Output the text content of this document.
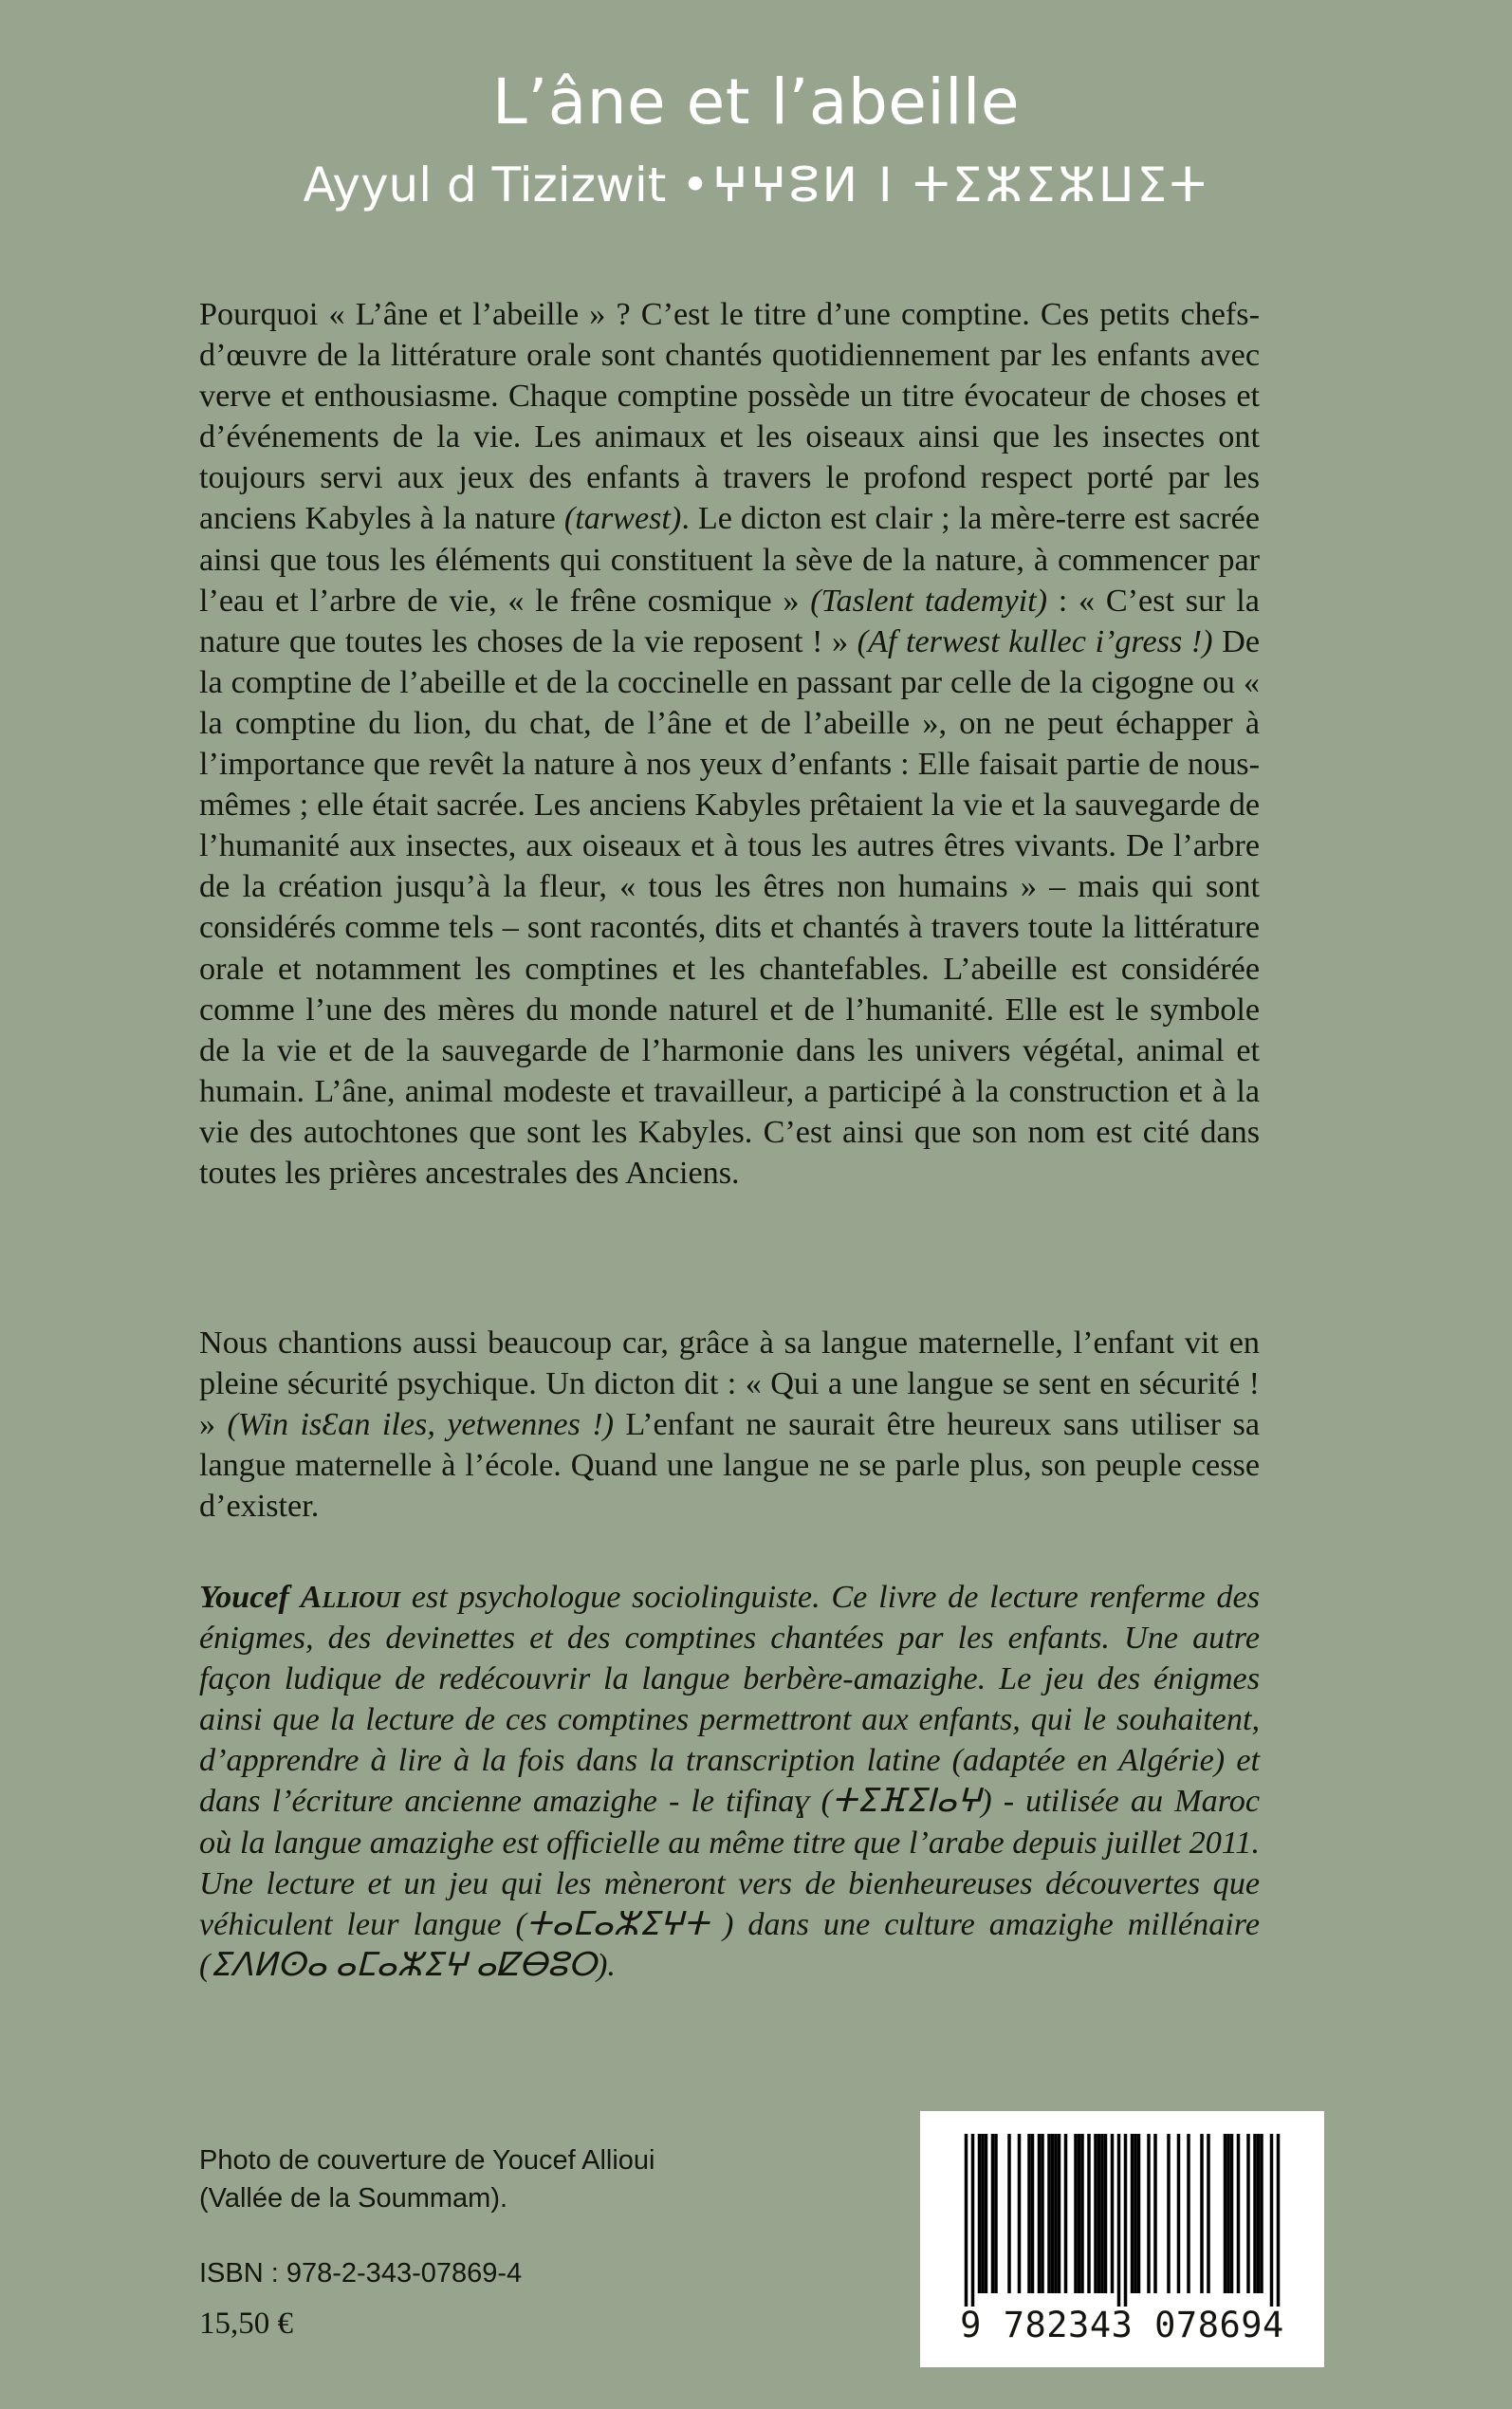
L’âne et l’abeille
Ayyul d Tizizwit •ⵖⵖⵓⵍ ⵏ ⵜⵉⵣⵉⵣⵡⵉⵜ

Pourquoi « L’âne et l’abeille » ? C’est le titre d’une comptine. Ces petits chefs-d’œuvre de la littérature orale sont chantés quotidiennement par les enfants avec verve et enthousiasme. Chaque comptine possède un titre évocateur de choses et d’événements de la vie. Les animaux et les oiseaux ainsi que les insectes ont toujours servi aux jeux des enfants à travers le profond respect porté par les anciens Kabyles à la nature (tarwest). Le dicton est clair ; la mère-terre est sacrée ainsi que tous les éléments qui constituent la sève de la nature, à commencer par l’eau et l’arbre de vie, « le frêne cosmique » (Taslent tademyit) : « C’est sur la nature que toutes les choses de la vie reposent ! » (Af terwest kullec i’gress !) De la comptine de l’abeille et de la coccinelle en passant par celle de la cigogne ou « la comptine du lion, du chat, de l’âne et de l’abeille », on ne peut échapper à l’importance que revêt la nature à nos yeux d’enfants : Elle faisait partie de nous-mêmes ; elle était sacrée. Les anciens Kabyles prêtaient la vie et la sauvegarde de l’humanité aux insectes, aux oiseaux et à tous les autres êtres vivants. De l’arbre de la création jusqu’à la fleur, « tous les êtres non humains » – mais qui sont considérés comme tels – sont racontés, dits et chantés à travers toute la littérature orale et notamment les comptines et les chantefables. L’abeille est considérée comme l’une des mères du monde naturel et de l’humanité. Elle est le symbole de la vie et de la sauvegarde de l’harmonie dans les univers végétal, animal et humain. L’âne, animal modeste et travailleur, a participé à la construction et à la vie des autochtones que sont les Kabyles. C’est ainsi que son nom est cité dans toutes les prières ancestrales des Anciens.

Nous chantions aussi beaucoup car, grâce à sa langue maternelle, l’enfant vit en pleine sécurité psychique. Un dicton dit : « Qui a une langue se sent en sécurité ! » (Win isƐan iles, yetwennes !) L’enfant ne saurait être heureux sans utiliser sa langue maternelle à l’école. Quand une langue ne se parle plus, son peuple cesse d’exister.

Youcef Allioui est psychologue sociolinguiste. Ce livre de lecture renferme des énigmes, des devinettes et des comptines chantées par les enfants. Une autre façon ludique de redécouvrir la langue berbère-amazighe. Le jeu des énigmes ainsi que la lecture de ces comptines permettront aux enfants, qui le souhaitent, d’apprendre à lire à la fois dans la transcription latine (adaptée en Algérie) et dans l’écriture ancienne amazighe - le tifinaɣ (ⵜⵉⴼⵉⵏⴰⵖ) - utilisée au Maroc où la langue amazighe est officielle au même titre que l’arabe depuis juillet 2011. Une lecture et un jeu qui les mèneront vers de bienheureuses découvertes que véhiculent leur langue (ⵜⴰⵎⴰⵣⵉⵖⵜ ) dans une culture amazighe millénaire (ⵉⴷⵍⵙⴰ ⴰⵎⴰⵣⵉⵖ ⴰⵇⴱⵓⵔ).

Photo de couverture de Youcef Allioui
(Vallée de la Soummam).
ISBN : 978-2-343-07869-4
15,50 €	9 782343 078694
